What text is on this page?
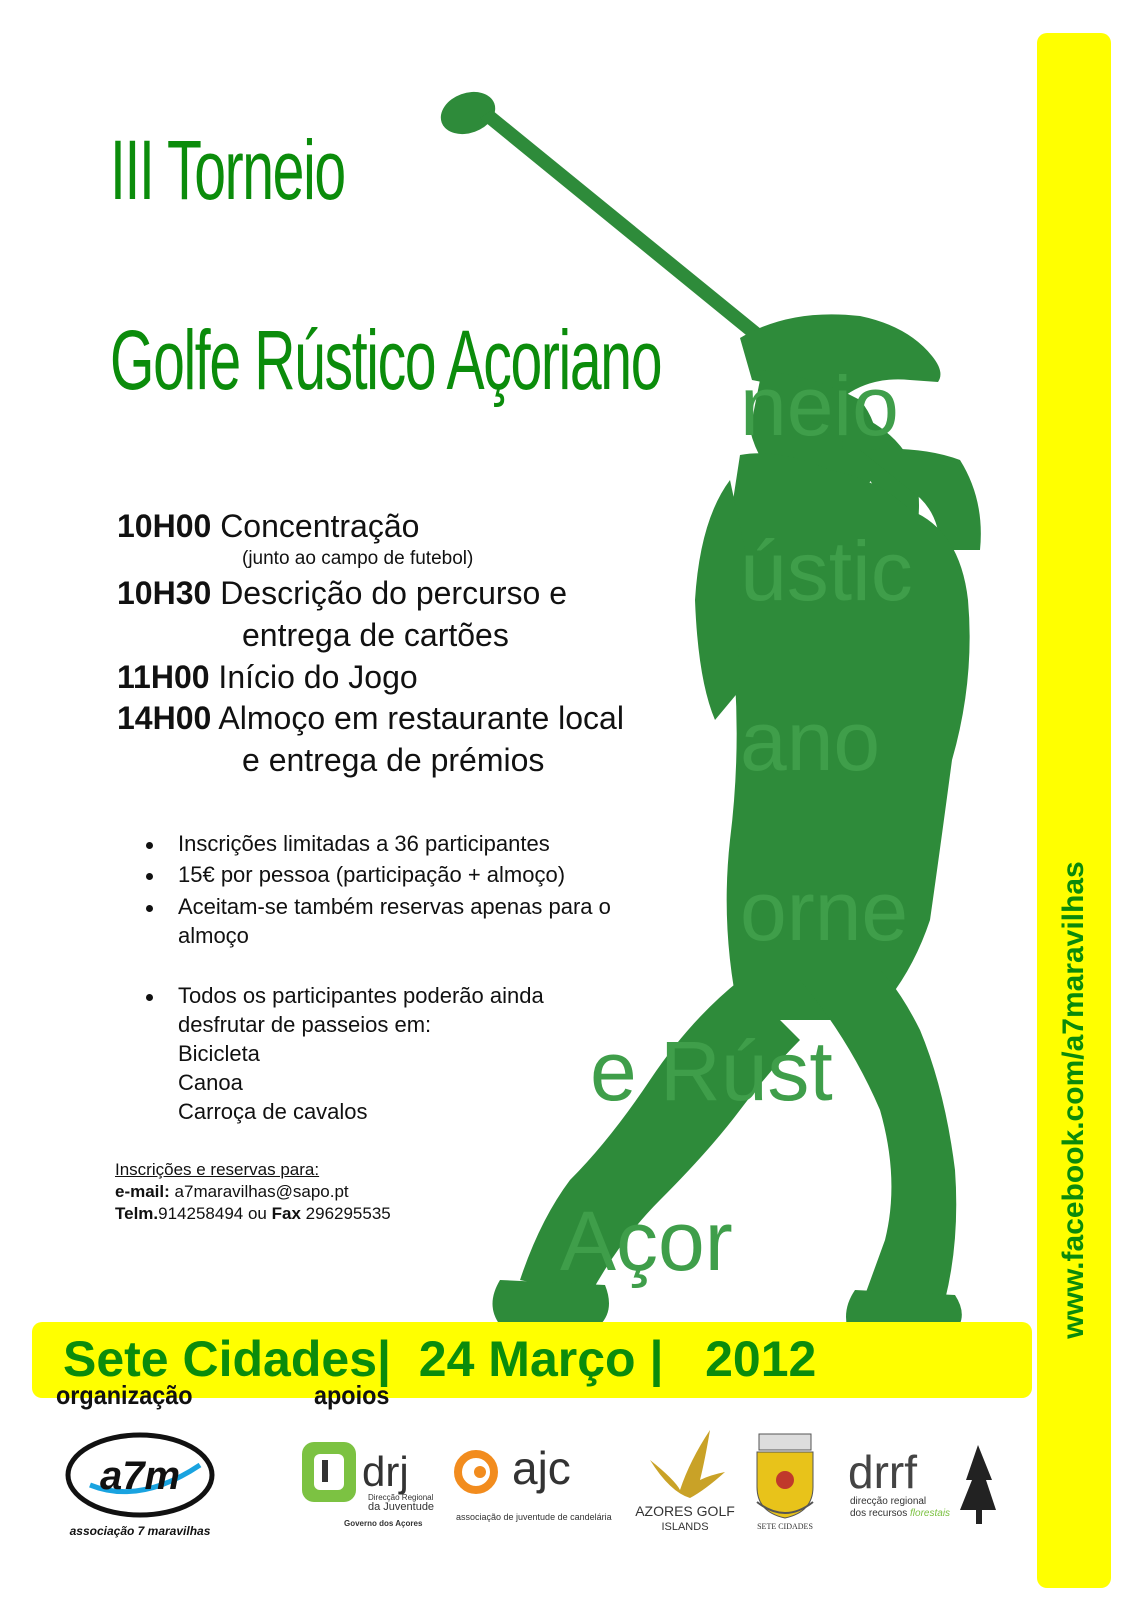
www.facebook.com/a7maravilhas
neio
ústic
ano
orne
e Rúst
Açor
III Torneio
Golfe Rústico Açoriano
10H00 Concentração
(junto ao campo de futebol)
10H30 Descrição do percurso e
entrega de cartões
11H00 Início do Jogo
14H00 Almoço em restaurante local
e entrega de prémios
Inscrições limitadas a 36 participantes
15€ por pessoa (participação + almoço)
Aceitam-se também reservas apenas para o
almoço
Todos os participantes poderão ainda
desfrutar de passeios em:
Bicicleta
Canoa
Carroça de cavalos
Inscrições e reservas para:
e-mail: a7maravilhas@sapo.pt
Telm.914258494 ou Fax 296295535
Sete Cidades|  24 Março |   2012
organização	apoios
a7m
associação 7 maravilhas
drj
Direcção Regional
da Juventude
Governo dos Açores
ajc
associação de juventude de candelária AZORES GOLF
ISLANDS	SETE CIDADES
drrf
direcção regional
dos recursos florestais
